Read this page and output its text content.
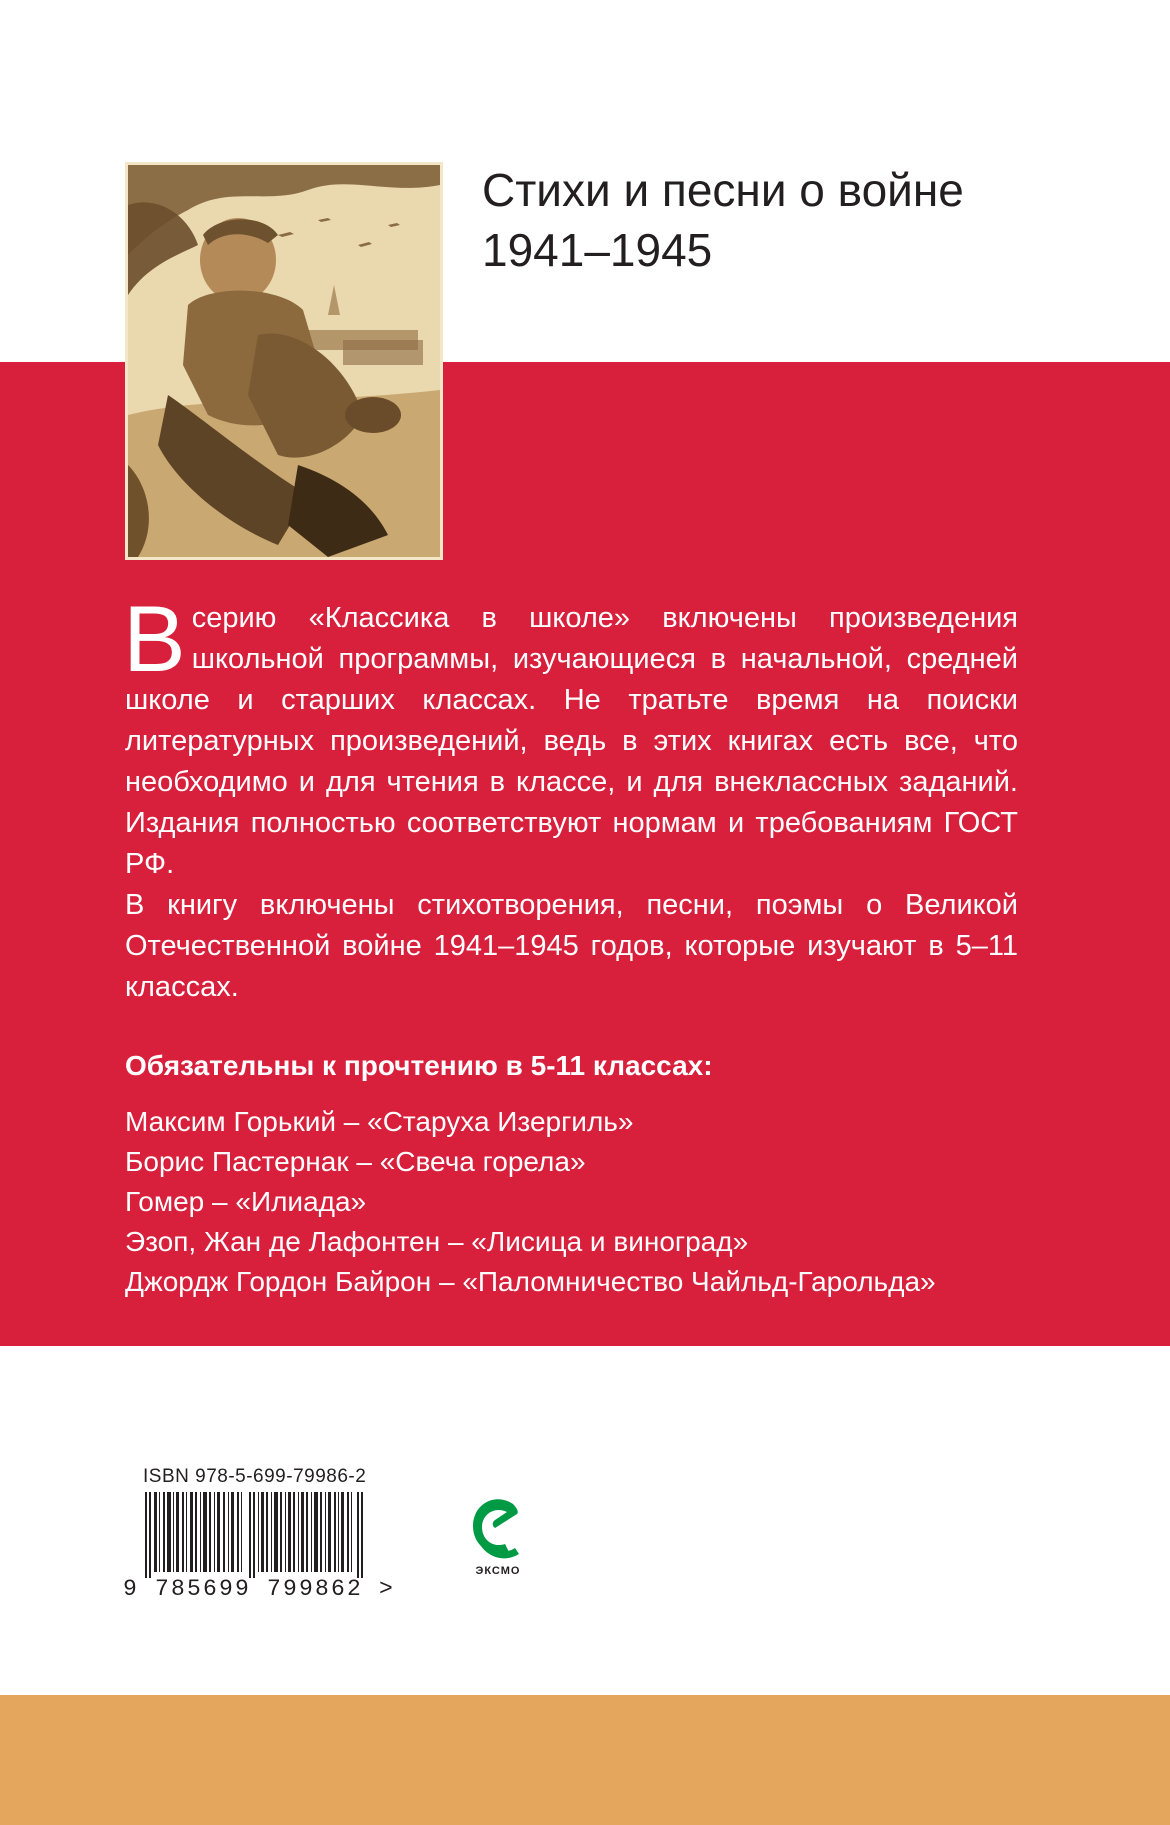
Стихи и песни о войне
1941–1945

Всерию «Классика в школе» включены произведения школьной программы, изучающиеся в начальной, средней школе и старших классах. Не тратьте время на поиски литературных произведений, ведь в этих книгах есть все, что необходимо и для чтения в классе, и для внеклассных заданий. Издания полностью соответствуют нормам и требованиям ГОСТ РФ.

В книгу включены стихотворения, песни, поэмы о Великой Отечественной войне 1941–1945 годов, которые изучают в 5–11 классах.

Обязательны к прочтению в 5-11 классах:
Максим Горький – «Старуха Изергиль»
Борис Пастернак – «Свеча горела»
Гомер – «Илиада»
Эзоп, Жан де Лафонтен – «Лисица и виноград»
Джордж Гордон Байрон – «Паломничество Чайльд-Гарольда»
ISBN 978-5-699-79986-2
9 785699 799862 >
ЭКСМО
